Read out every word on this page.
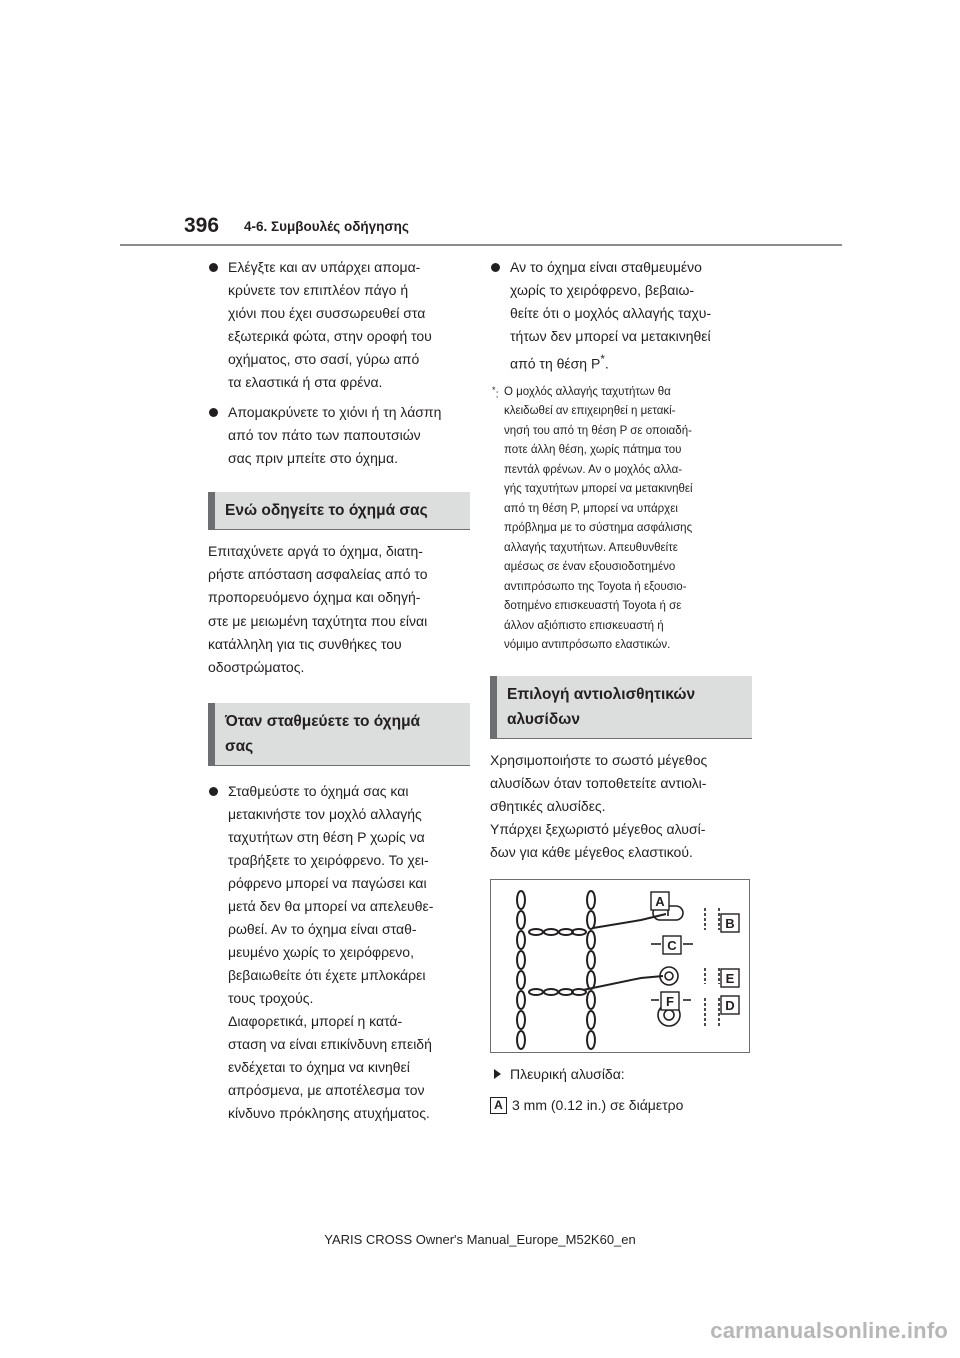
396 4-6. Συμβουλές οδήγησης

Ελέγξτε και αν υπάρχει απομα-
κρύνετε τον επιπλέον πάγο ή
χιόνι που έχει συσσωρευθεί στα
εξωτερικά φώτα, στην οροφή του
οχήματος, στο σασί, γύρω από
τα ελαστικά ή στα φρένα.

Απομακρύνετε το χιόνι ή τη λάσπη
από τον πάτο των παπουτσιών
σας πριν μπείτε στο όχημα.

Ενώ οδηγείτε το όχημά σας

Επιταχύνετε αργά το όχημα, διατη-
ρήστε απόσταση ασφαλείας από το
προπορευόμενο όχημα και οδηγή-
στε με μειωμένη ταχύτητα που είναι
κατάλληλη για τις συνθήκες του
οδοστρώματος.

Όταν σταθμεύετε το όχημά
σας

Σταθμεύστε το όχημά σας και
μετακινήστε τον μοχλό αλλαγής
ταχυτήτων στη θέση P χωρίς να
τραβήξετε το χειρόφρενο. Το χει-
ρόφρενο μπορεί να παγώσει και
μετά δεν θα μπορεί να απελευθε-
ρωθεί. Αν το όχημα είναι σταθ-
μευμένο χωρίς το χειρόφρενο,
βεβαιωθείτε ότι έχετε μπλοκάρει
τους τροχούς.
Διαφορετικά, μπορεί η κατά-
σταση να είναι επικίνδυνη επειδή
ενδέχεται το όχημα να κινηθεί
απρόσμενα, με αποτέλεσμα τον
κίνδυνο πρόκλησης ατυχήματος.

Αν το όχημα είναι σταθμευμένο
χωρίς το χειρόφρενο, βεβαιω-
θείτε ότι ο μοχλός αλλαγής ταχυ-
τήτων δεν μπορεί να μετακινηθεί
από τη θέση P*.

*: Ο μοχλός αλλαγής ταχυτήτων θα
κλειδωθεί αν επιχειρηθεί η μετακί-
νησή του από τη θέση P σε οποιαδή-
ποτε άλλη θέση, χωρίς πάτημα του
πεντάλ φρένων. Αν ο μοχλός αλλα-
γής ταχυτήτων μπορεί να μετακινηθεί
από τη θέση P, μπορεί να υπάρχει
πρόβλημα με το σύστημα ασφάλισης
αλλαγής ταχυτήτων. Απευθυνθείτε
αμέσως σε έναν εξουσιοδοτημένο
αντιπρόσωπο της Toyota ή εξουσιο-
δοτημένο επισκευαστή Toyota ή σε
άλλον αξιόπιστο επισκευαστή ή
νόμιμο αντιπρόσωπο ελαστικών.
Επιλογή αντιολισθητικών
αλυσίδων

Χρησιμοποιήστε το σωστό μέγεθος
αλυσίδων όταν τοποθετείτε αντιολι-
σθητικές αλυσίδες.
Υπάρχει ξεχωριστό μέγεθος αλυσί-
δων για κάθε μέγεθος ελαστικού.

A
B
C
D
E
F
Πλευρική αλυσίδα:
A 3 mm (0.12 in.) σε διάμετρο
YARIS CROSS Owner's Manual_Europe_M52K60_en
carmanualsonline.info
